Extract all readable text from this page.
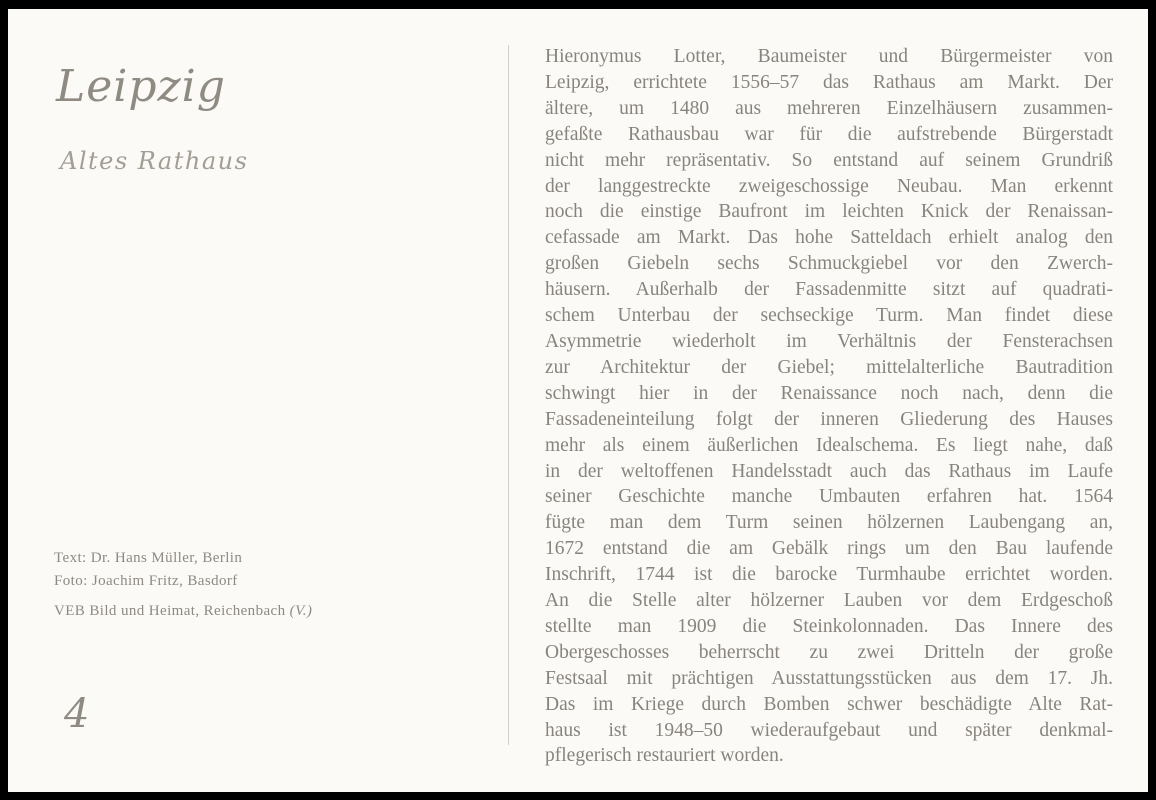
Leipzig
Altes Rathaus
Text: Dr. Hans Müller, Berlin
Foto: Joachim Fritz, Basdorf
VEB Bild und Heimat, Reichenbach (V.)
4
Hieronymus Lotter, Baumeister und Bürgermeister von
Leipzig, errichtete 1556–57 das Rathaus am Markt. Der
ältere, um 1480 aus mehreren Einzelhäusern zusammen-
gefaßte Rathausbau war für die aufstrebende Bürgerstadt
nicht mehr repräsentativ. So entstand auf seinem Grundriß
der langgestreckte zweigeschossige Neubau. Man erkennt
noch die einstige Baufront im leichten Knick der Renaissan-
cefassade am Markt. Das hohe Satteldach erhielt analog den
großen Giebeln sechs Schmuckgiebel vor den Zwerch-
häusern. Außerhalb der Fassadenmitte sitzt auf quadrati-
schem Unterbau der sechseckige Turm. Man findet diese
Asymmetrie wiederholt im Verhältnis der Fensterachsen
zur Architektur der Giebel; mittelalterliche Bautradition
schwingt hier in der Renaissance noch nach, denn die
Fassadeneinteilung folgt der inneren Gliederung des Hauses
mehr als einem äußerlichen Idealschema. Es liegt nahe, daß
in der weltoffenen Handelsstadt auch das Rathaus im Laufe
seiner Geschichte manche Umbauten erfahren hat. 1564
fügte man dem Turm seinen hölzernen Laubengang an,
1672 entstand die am Gebälk rings um den Bau laufende
Inschrift, 1744 ist die barocke Turmhaube errichtet worden.
An die Stelle alter hölzerner Lauben vor dem Erdgeschoß
stellte man 1909 die Steinkolonnaden. Das Innere des
Obergeschosses beherrscht zu zwei Dritteln der große
Festsaal mit prächtigen Ausstattungsstücken aus dem 17. Jh.
Das im Kriege durch Bomben schwer beschädigte Alte Rat-
haus ist 1948–50 wiederaufgebaut und später denkmal-
pflegerisch restauriert worden.
